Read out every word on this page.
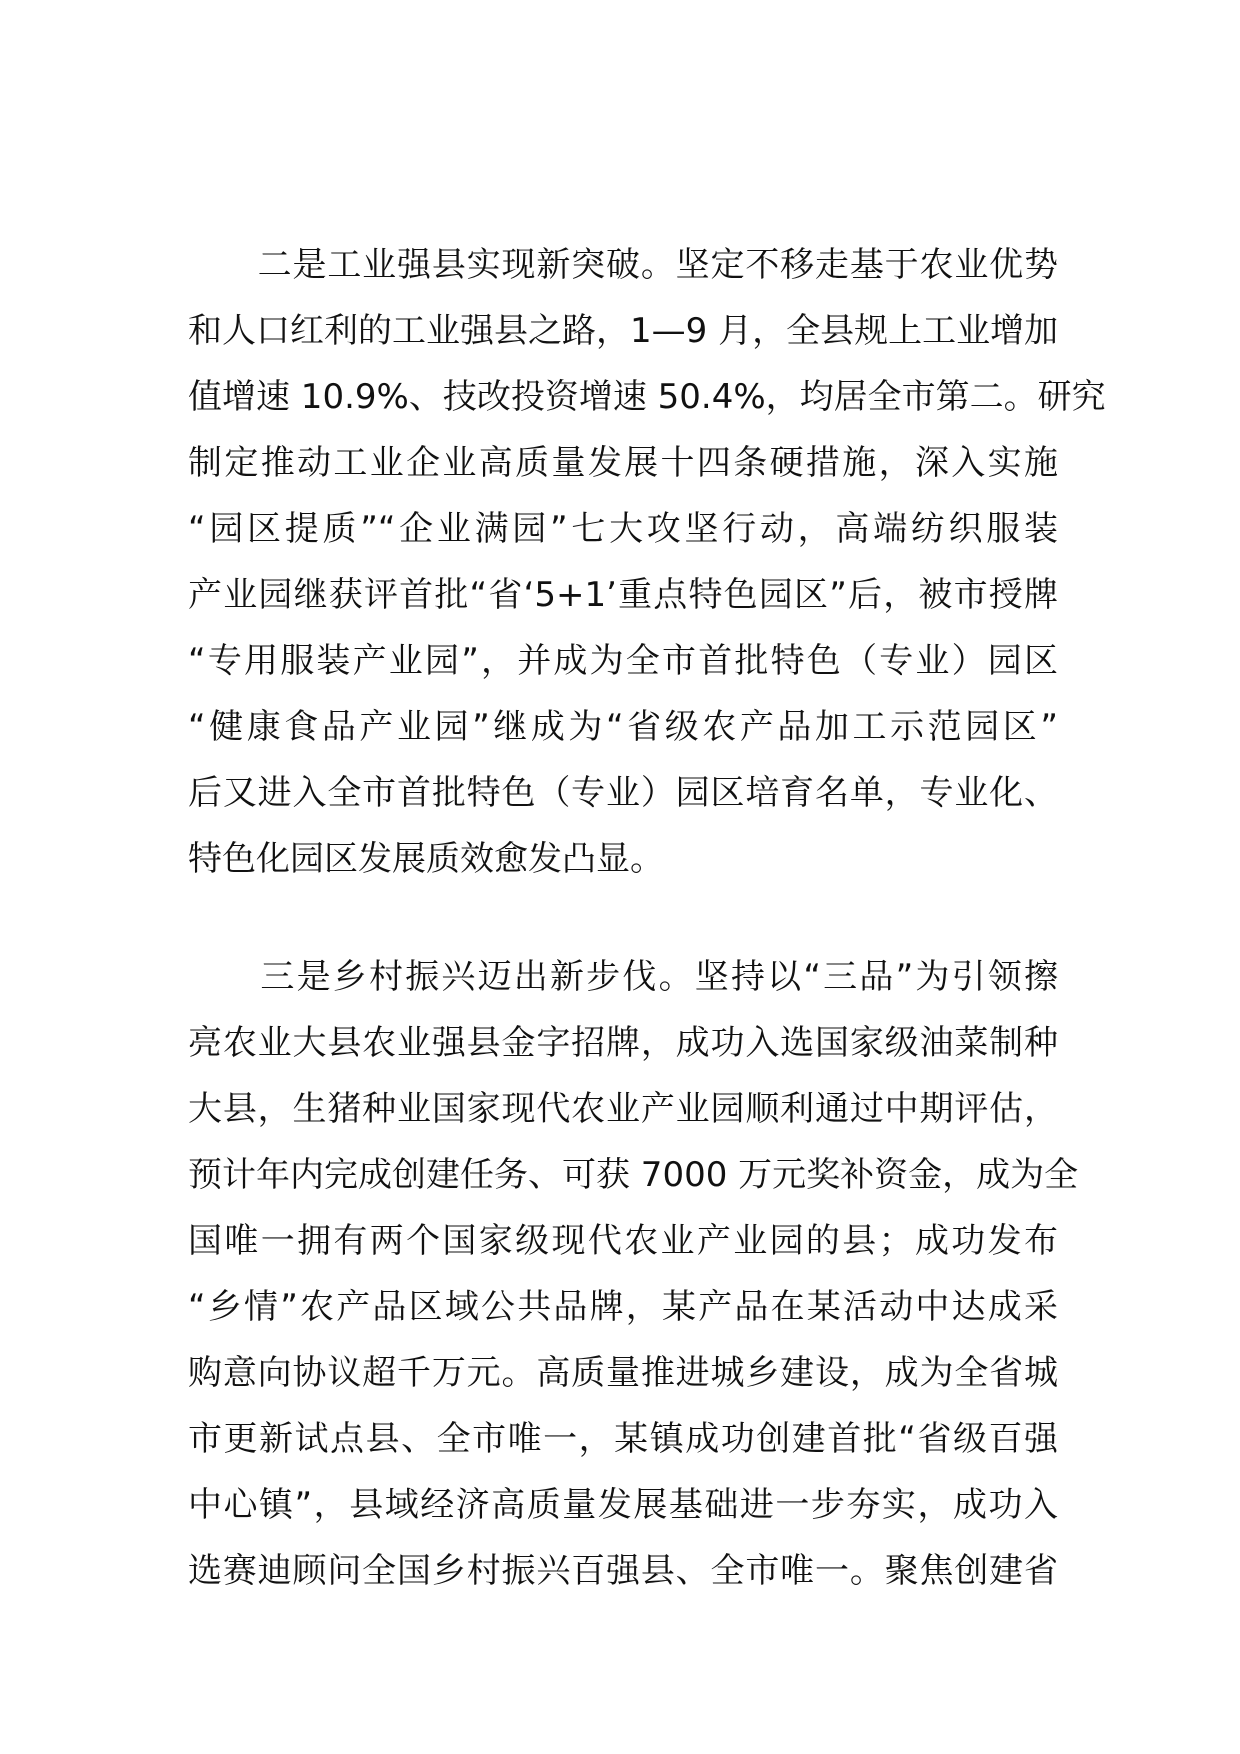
　　二是工业强县实现新突破。坚定不移走基于农业优势
和人口红利的工业强县之路，1—9 月，全县规上工业增加
值增速 10.9%、技改投资增速 50.4%，均居全市第二。研究
制定推动工业企业高质量发展十四条硬措施，深入实施
“园区提质”“企业满园”七大攻坚行动，高端纺织服装
产业园继获评首批“省‘5+1’重点特色园区”后，被市授牌
“专用服装产业园”，并成为全市首批特色（专业）园区
“健康食品产业园”继成为“省级农产品加工示范园区”
后又进入全市首批特色（专业）园区培育名单，专业化、
特色化园区发展质效愈发凸显。
　　三是乡村振兴迈出新步伐。坚持以“三品”为引领擦
亮农业大县农业强县金字招牌，成功入选国家级油菜制种
大县，生猪种业国家现代农业产业园顺利通过中期评估，
预计年内完成创建任务、可获 7000 万元奖补资金，成为全
国唯一拥有两个国家级现代农业产业园的县；成功发布
“乡情”农产品区域公共品牌，某产品在某活动中达成采
购意向协议超千万元。高质量推进城乡建设，成为全省城
市更新试点县、全市唯一，某镇成功创建首批“省级百强
中心镇”，县域经济高质量发展基础进一步夯实，成功入
选赛迪顾问全国乡村振兴百强县、全市唯一。聚焦创建省
